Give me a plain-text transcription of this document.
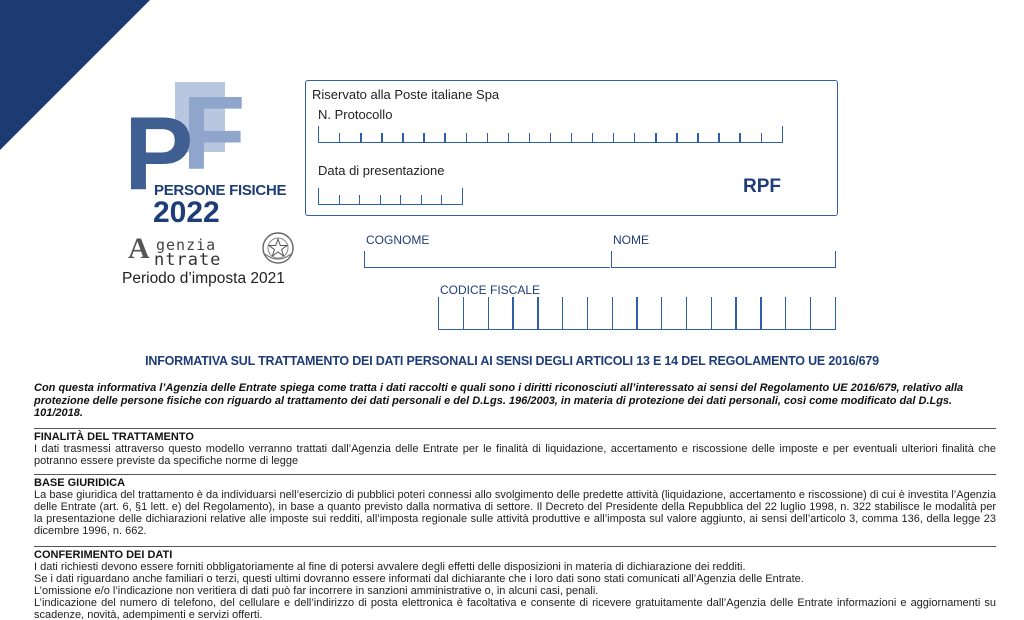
F
P
PERSONE FISICHE
2022
A genzia
ntrate
Periodo d’imposta 2021
Riservato alla Poste italiane Spa
N. Protocollo
Data di presentazione
RPF
COGNOME	NOME
CODICE FISCALE
INFORMATIVA SUL TRATTAMENTO DEI DATI PERSONALI AI SENSI DEGLI ARTICOLI 13 E 14 DEL REGOLAMENTO UE 2016/679
Con questa informativa l’Agenzia delle Entrate spiega come tratta i dati raccolti e quali sono i diritti riconosciuti all’interessato ai sensi del Regolamento UE 2016/679, relativo alla protezione delle persone fisiche con riguardo al trattamento dei dati personali e del D.Lgs. 196/2003, in materia di protezione dei dati personali, così come modificato dal D.Lgs. 101/2018.
FINALITÀ DEL TRATTAMENTO
I dati trasmessi attraverso questo modello verranno trattati dall’Agenzia delle Entrate per le finalità di liquidazione, accertamento e riscossione delle imposte e per eventuali ulteriori finalità che potranno essere previste da specifiche norme di legge
BASE GIURIDICA
La base giuridica del trattamento è da individuarsi nell’esercizio di pubblici poteri connessi allo svolgimento delle predette attività (liquidazione, accertamento e riscossione) di cui è investita l’Agenzia delle Entrate (art. 6, §1 lett. e) del Regolamento), in base a quanto previsto dalla normativa di settore. Il Decreto del Presidente della Repubblica del 22 luglio 1998, n. 322 stabilisce le modalità per la presentazione delle dichiarazioni relative alle imposte sui redditi, all’imposta regionale sulle attività produttive e all’imposta sul valore aggiunto, ai sensi dell’articolo 3, comma 136, della legge 23 dicembre 1996, n. 662.
CONFERIMENTO DEI DATI
I dati richiesti devono essere forniti obbligatoriamente al fine di potersi avvalere degli effetti delle disposizioni in materia di dichiarazione dei redditi.
Se i dati riguardano anche familiari o terzi, questi ultimi dovranno essere informati dal dichiarante che i loro dati sono stati comunicati all’Agenzia delle Entrate.
L’omissione e/o l’indicazione non veritiera di dati può far incorrere in sanzioni amministrative o, in alcuni casi, penali.
L’indicazione del numero di telefono, del cellulare e dell’indirizzo di posta elettronica è facoltativa e consente di ricevere gratuitamente dall’Agenzia delle Entrate informazioni e aggiornamenti su scadenze, novità, adempimenti e servizi offerti.
